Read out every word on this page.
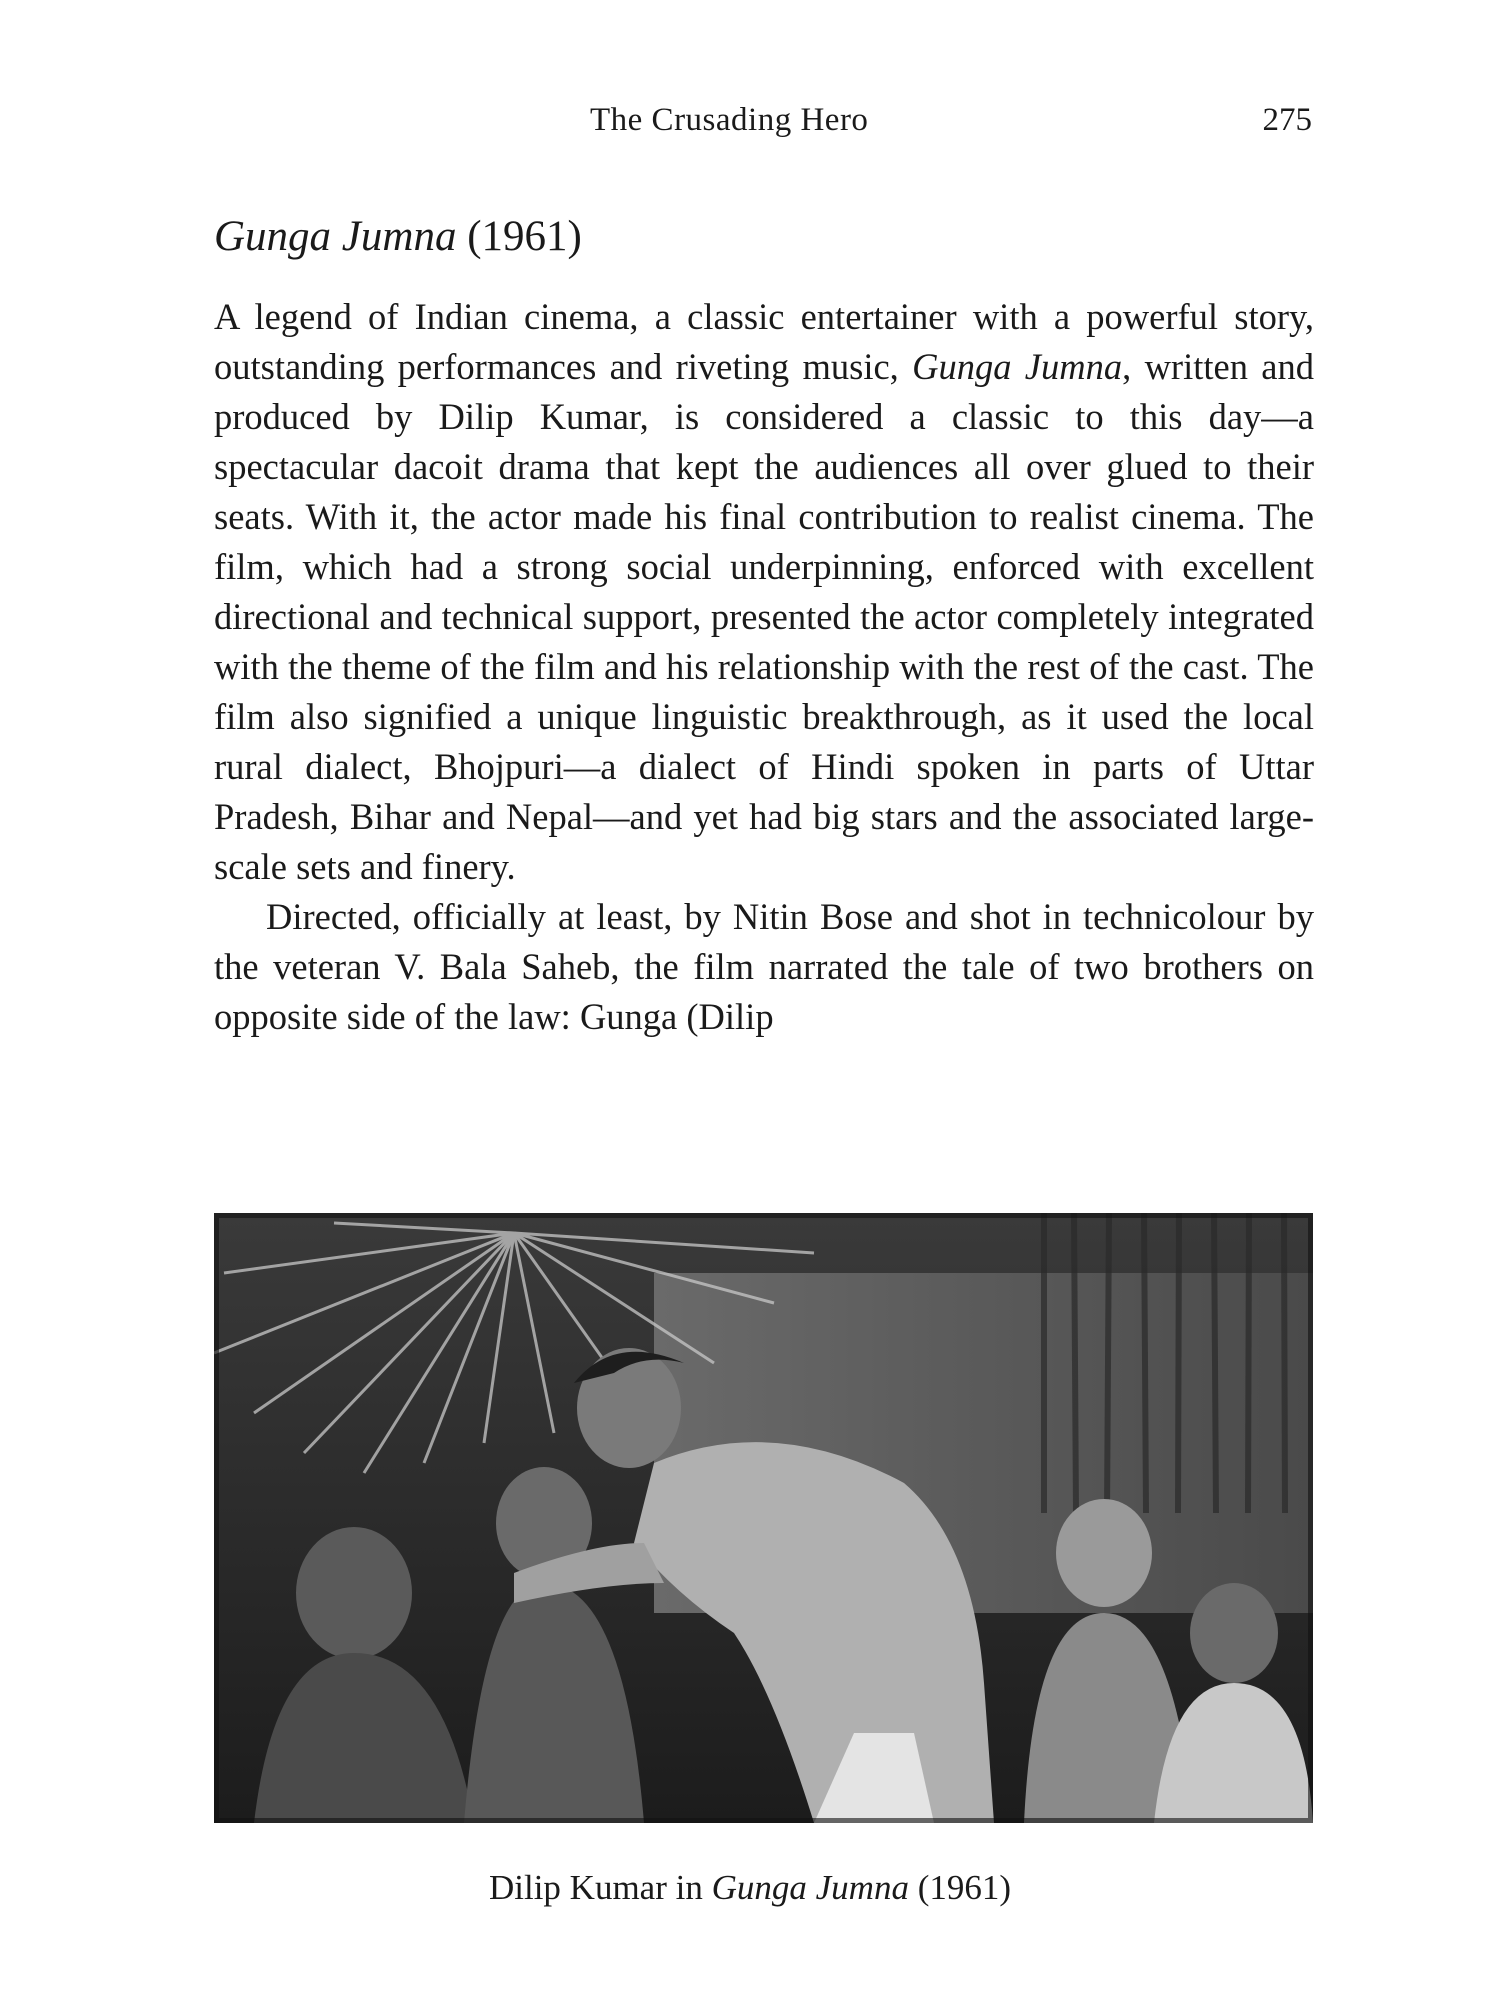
The Crusading Hero	275
Gunga Jumna (1961)

A legend of Indian cinema, a classic entertainer with a powerful story, outstanding performances and riveting music, Gunga Jumna, written and produced by Dilip Kumar, is considered a classic to this day—a spectacular dacoit drama that kept the audiences all over glued to their seats. With it, the actor made his final contribution to realist cinema. The film, which had a strong social underpinning, enforced with excellent directional and technical support, presented the actor completely integrated with the theme of the film and his relationship with the rest of the cast. The film also signified a unique linguistic breakthrough, as it used the local rural dialect, Bhojpuri—a dialect of Hindi spoken in parts of Uttar Pradesh, Bihar and Nepal—and yet had big stars and the associated large-scale sets and finery.

Directed, officially at least, by Nitin Bose and shot in technicolour by the veteran V. Bala Saheb, the film narrated the tale of two brothers on opposite side of the law: Gunga (Dilip

Dilip Kumar in Gunga Jumna (1961)
